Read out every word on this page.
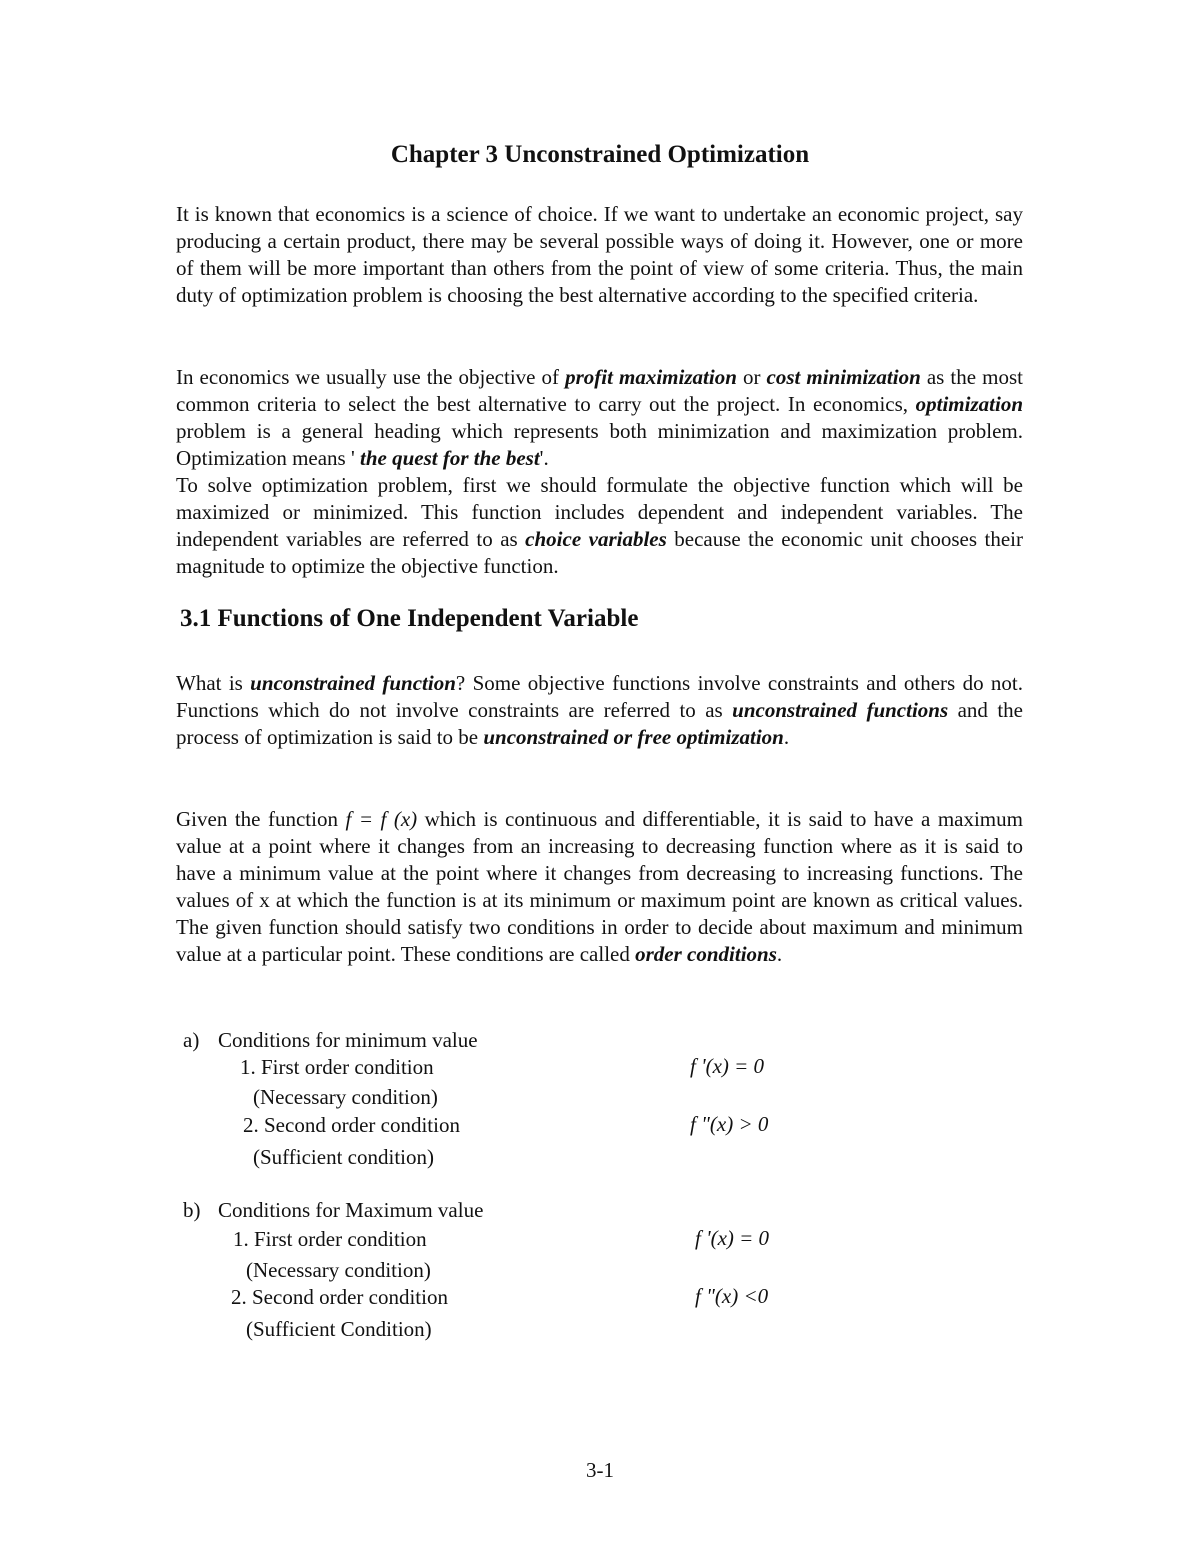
Chapter 3 Unconstrained Optimization

It is known that economics is a science of choice. If we want to undertake an economic project, say producing a certain product, there may be several possible ways of doing it. However, one or more of them will be more important than others from the point of view of some criteria. Thus, the main duty of optimization problem is choosing the best alternative according to the specified criteria.

In economics we usually use the objective of profit maximization or cost minimization as the most common criteria to select the best alternative to carry out the project. In economics, optimization problem is a general heading which represents both minimization and maximization problem. Optimization means ' the quest for the best'.

To solve optimization problem, first we should formulate the objective function which will be maximized or minimized. This function includes dependent and independent variables. The independent variables are referred to as choice variables because the economic unit chooses their magnitude to optimize the objective function.

3.1 Functions of One Independent Variable

What is unconstrained function? Some objective functions involve constraints and others do not. Functions which do not involve constraints are referred to as unconstrained functions and the process of optimization is said to be unconstrained or free optimization.

Given the function f = f (x) which is continuous and differentiable, it is said to have a maximum value at a point where it changes from an increasing to decreasing function where as it is said to have a minimum value at the point where it changes from decreasing to increasing functions. The values of x at which the function is at its minimum or maximum point are known as critical values. The given function should satisfy two conditions in order to decide about maximum and minimum value at a particular point. These conditions are called order conditions.

a) Conditions for minimum value
1. First order condition
(Necessary condition)
2. Second order condition
(Sufficient condition)
f '(x) = 0
f "(x) > 0
b) Conditions for Maximum value
1. First order condition
(Necessary condition)
2. Second order condition
(Sufficient Condition)
f '(x) = 0
f "(x) <0
3-1
